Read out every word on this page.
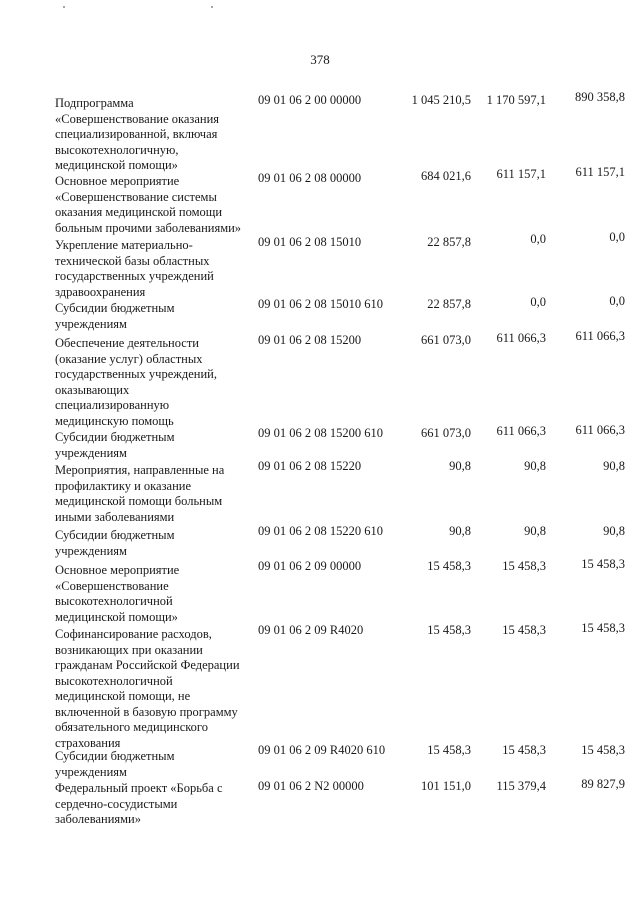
378
Подпрограмма
«Совершенствование оказания
специализированной, включая
высокотехнологичную,
медицинской помощи»
09 01 06 2 00 00000	1 045 210,5	1 170 597,1	890 358,8
Основное мероприятие
«Совершенствование системы
оказания медицинской помощи
больным прочими заболеваниями»
09 01 06 2 08 00000	684 021,6	611 157,1	611 157,1
Укрепление материально-
технической базы областных
государственных учреждений
здравоохранения
09 01 06 2 08 15010	22 857,8	0,0	0,0
Субсидии бюджетным
учреждениям
09 01 06 2 08 15010 610	22 857,8	0,0	0,0
Обеспечение деятельности
(оказание услуг) областных
государственных учреждений,
оказывающих
специализированную
медицинскую помощь
09 01 06 2 08 15200	661 073,0	611 066,3	611 066,3
Субсидии бюджетным
учреждениям
09 01 06 2 08 15200 610	661 073,0	611 066,3	611 066,3
Мероприятия, направленные на
профилактику и оказание
медицинской помощи больным
иными заболеваниями
09 01 06 2 08 15220	90,8	90,8	90,8
Субсидии бюджетным
учреждениям
09 01 06 2 08 15220 610	90,8	90,8	90,8
Основное мероприятие
«Совершенствование
высокотехнологичной
медицинской помощи»
09 01 06 2 09 00000	15 458,3	15 458,3	15 458,3
Софинансирование расходов,
возникающих при оказании
гражданам Российской Федерации
высокотехнологичной
медицинской помощи, не
включенной в базовую программу
обязательного медицинского
страхования
09 01 06 2 09 R4020	15 458,3	15 458,3	15 458,3
Субсидии бюджетным
учреждениям
09 01 06 2 09 R4020 610	15 458,3	15 458,3	15 458,3
Федеральный проект «Борьба с
сердечно-сосудистыми
заболеваниями»
09 01 06 2 N2 00000	101 151,0	115 379,4	89 827,9
